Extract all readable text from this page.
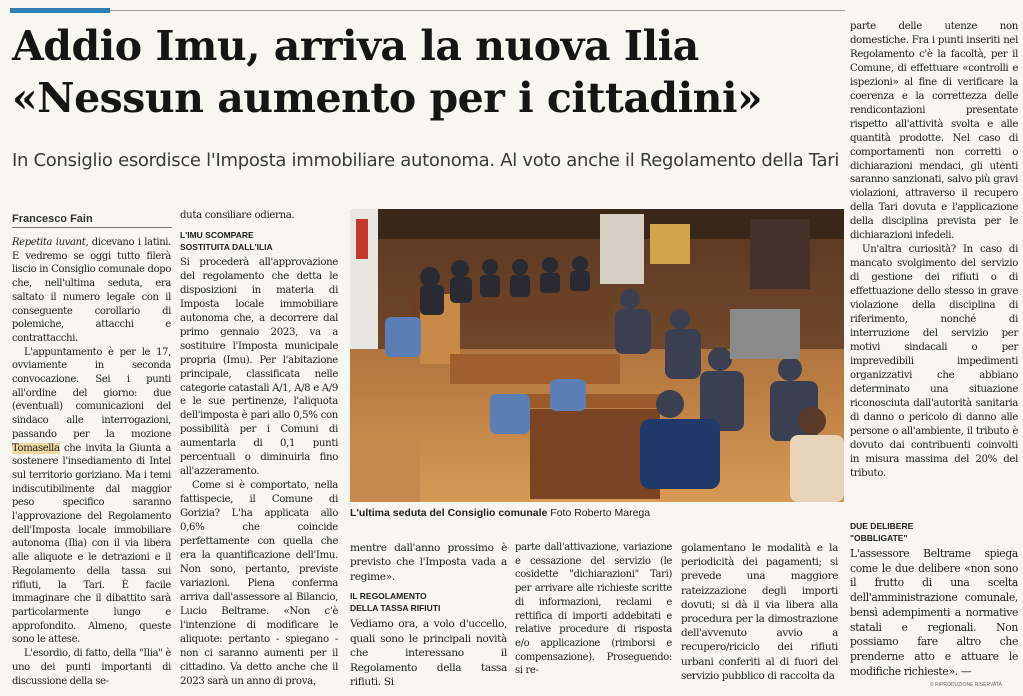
Addio Imu, arriva la nuova Ilia
«Nessun aumento per i cittadini»
In Consiglio esordisce l'Imposta immobiliare autonoma. Al voto anche il Regolamento della Tari
Francesco Fain

Repetita iuvant, dicevano i latini. E vedremo se oggi tutto filerà liscio in Consiglio comunale dopo che, nell'ultima seduta, era saltato il numero legale con il conseguente corollario di polemiche, attacchi e contrattacchi.

L'appuntamento è per le 17, ovviamente in seconda convocazione. Sei i punti all'ordine del giorno: due (eventuali) comunicazioni del sindaco alle interrogazioni, passando per la mozione Tomasella che invita la Giunta a sostenere l'insediamento di Intel sul territorio goriziano. Ma i temi indiscutibilmente dal maggior peso specifico saranno l'approvazione del Regolamento dell'Imposta locale immobiliare autonoma (Ilia) con il via libera alle aliquote e le detrazioni e il Regolamento della tassa sui rifiuti, la Tari. È facile immaginare che il dibattito sarà particolarmente lungo e approfondito. Almeno, queste sono le attese.

L'esordio, di fatto, della "Ilia" è uno dei punti importanti di discussione della se-

duta consiliare odierna.

L'IMU SCOMPARE
SOSTITUITA DALL'ILIA

Si procederà all'approvazione del regolamento che detta le disposizioni in materia di Imposta locale immobiliare autonoma che, a decorrere dal primo gennaio 2023, va a sostituire l'Imposta municipale propria (Imu). Per l'abitazione principale, classificata nelle categorie catastali A/1, A/8 e A/9 e le sue pertinenze, l'aliquota dell'imposta è pari allo 0,5% con possibilità per i Comuni di aumentarla di 0,1 punti percentuali o diminuirla fino all'azzeramento.

Come si è comportato, nella fattispecie, il Comune di Gorizia? L'ha applicata allo 0,6% che coincide perfettamente con quella che era la quantificazione dell'Imu. Non sono, pertanto, previste variazioni. Piena conferma arriva dall'assessore al Bilancio, Lucio Beltrame. «Non c'è l'intenzione di modificare le aliquote: pertanto - spiegano - non ci saranno aumenti per il cittadino. Va detto anche che il 2023 sarà un anno di prova,

L'ultima seduta del Consiglio comunale Foto Roberto Marega

mentre dall'anno prossimo è previsto che l'Imposta vada a regime».

IL REGOLAMENTO
DELLA TASSA RIFIUTI

Vediamo ora, a volo d'uccello, quali sono le principali novità che interessano il Regolamento della tassa rifiuti. Si

parte dall'attivazione, variazione e cessazione del servizio (le cosidette "dichiarazioni" Tari) per arrivare alle richieste scritte di informazioni, reclami e rettifica di importi addebitati e relative procedure di risposta e/o applicazione (rimborsi e compensazione). Proseguendo: si re-

golamentano le modalità e la periodicità dei pagamenti; si prevede una maggiore rateizzazione degli importi dovuti; si dà il via libera alla procedura per la dimostrazione dell'avvenuto avvio a recupero/riciclo dei rifiuti urbani conferiti al di fuori del servizio pubblico di raccolta da

parte delle utenze non domestiche. Fra i punti inseriti nel Regolamento c'è la facoltà, per il Comune, di effettuare «controlli e ispezioni» al fine di verificare la coerenza e la correttezza delle rendicontazioni presentate rispetto all'attività svolta e alle quantità prodotte. Nel caso di comportamenti non corretti o dichiarazioni mendaci, gli utenti saranno sanzionati, salvo più gravi violazioni, attraverso il recupero della Tari dovuta e l'applicazione della disciplina prevista per le dichiarazioni infedeli.

Un'altra curiosità? In caso di mancato svolgimento del servizio di gestione dei rifiuti o di effettuazione dello stesso in grave violazione della disciplina di riferimento, nonché di interruzione del servizio per motivi sindacali o per imprevedibili impedimenti organizzativi che abbiano determinato una situazione riconosciuta dall'autorità sanitaria di danno o pericolo di danno alle persone o all'ambiente, il tributo è dovuto dai contribuenti coinvolti in misura massima del 20% del tributo.

DUE DELIBERE
"OBBLIGATE"

L'assessore Beltrame spiega come le due delibere «non sono il frutto di una scelta dell'amministrazione comunale, bensì adempimenti a normative statali e regionali. Non possiamo fare altro che prenderne atto e attuare le modifiche richieste». —

© RIPRODUZIONE RISERVATA
